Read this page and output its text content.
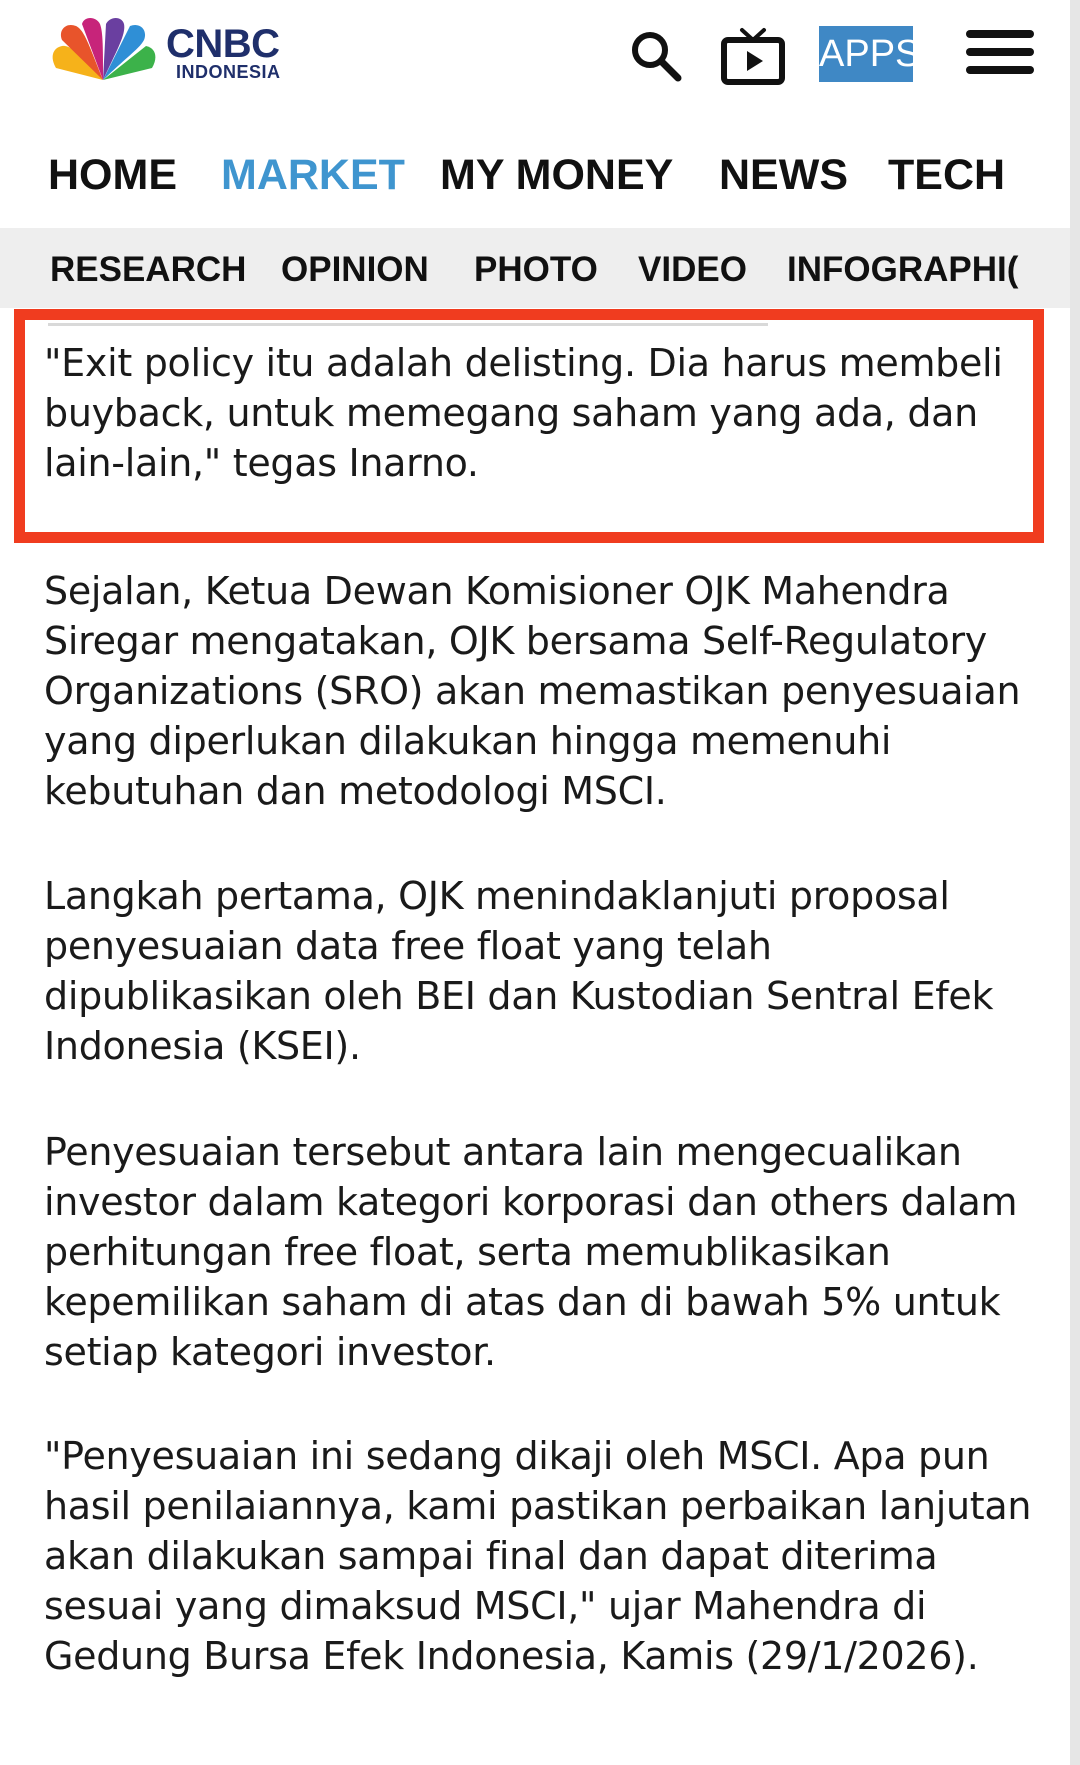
CNBC
INDONESIA	APPS
HOME MARKET MY MONEY NEWS TECH
RESEARCH OPINION PHOTO VIDEO INFOGRAPHI(

"Exit policy itu adalah delisting. Dia harus membeli buyback, untuk memegang saham yang ada, dan lain-lain," tegas Inarno.

Sejalan, Ketua Dewan Komisioner OJK Mahendra Siregar mengatakan, OJK bersama Self-Regulatory Organizations (SRO) akan memastikan penyesuaian yang diperlukan dilakukan hingga memenuhi kebutuhan dan metodologi MSCI.

Langkah pertama, OJK menindaklanjuti proposal penyesuaian data free float yang telah dipublikasikan oleh BEI dan Kustodian Sentral Efek Indonesia (KSEI).

Penyesuaian tersebut antara lain mengecualikan investor dalam kategori korporasi dan others dalam perhitungan free float, serta memublikasikan kepemilikan saham di atas dan di bawah 5% untuk setiap kategori investor.

"Penyesuaian ini sedang dikaji oleh MSCI. Apa pun hasil penilaiannya, kami pastikan perbaikan lanjutan akan dilakukan sampai final dan dapat diterima sesuai yang dimaksud MSCI," ujar Mahendra di Gedung Bursa Efek Indonesia, Kamis (29/1/2026).
